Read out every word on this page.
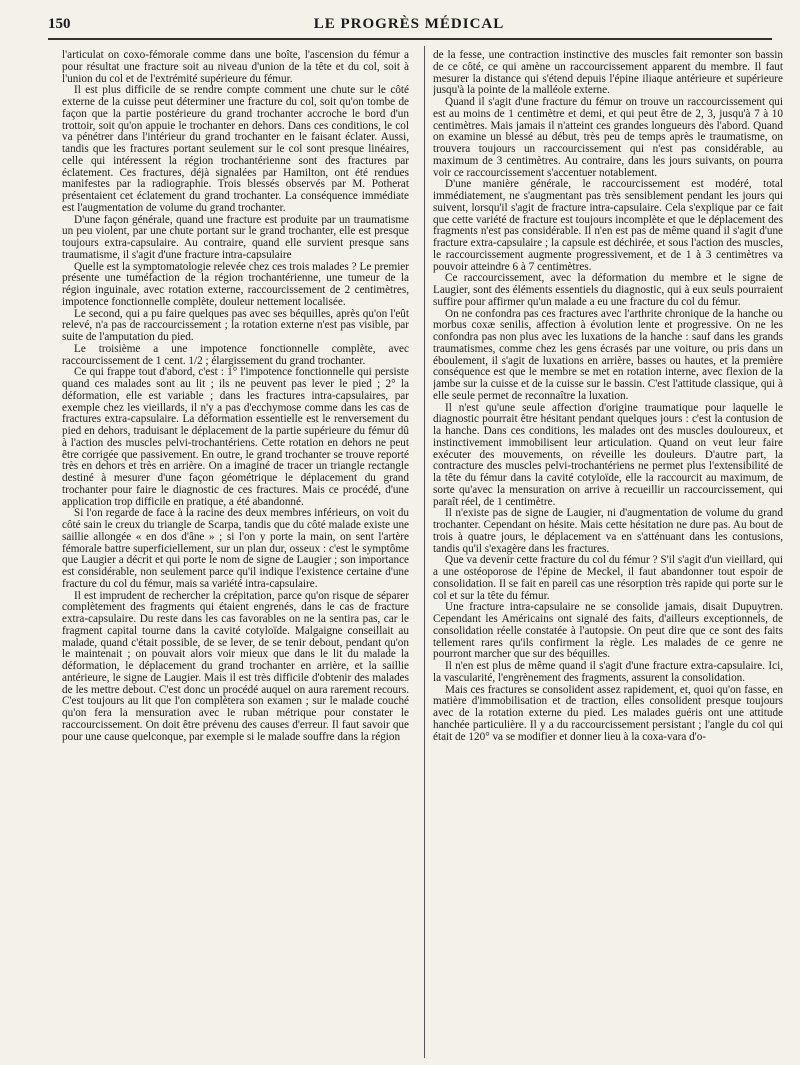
150	LE PROGRÈS MÉDICAL

l'articulat on coxo-fémorale comme dans une boîte, l'ascension du fémur a pour résultat une fracture soit au niveau d'union de la tête et du col, soit à l'union du col et de l'extrémité supérieure du fémur.

Il est plus difficile de se rendre compte comment une chute sur le côté externe de la cuisse peut déterminer une fracture du col, soit qu'on tombe de façon que la partie postérieure du grand trochanter accroche le bord d'un trottoir, soit qu'on appuie le trochanter en dehors. Dans ces conditions, le col va pénétrer dans l'intérieur du grand trochanter en le faisant éclater. Aussi, tandis que les fractures portant seulement sur le col sont presque linéaires, celle qui intéressent la région trochantérienne sont des fractures par éclatement. Ces fractures, déjà signalées par Hamilton, ont été rendues manifestes par la radiographie. Trois blessés observés par M. Potherat présentaient cet éclatement du grand trochanter. La conséquence immédiate est l'augmentation de volume du grand trochanter.

D'une façon générale, quand une fracture est produite par un traumatisme un peu violent, par une chute portant sur le grand trochanter, elle est presque toujours extra-capsulaire. Au contraire, quand elle survient presque sans traumatisme, il s'agit d'une fracture intra-capsulaire

Quelle est la symptomatologie relevée chez ces trois malades ? Le premier présente une tuméfaction de la région trochantérienne, une tumeur de la région inguinale, avec rotation externe, raccourcissement de 2 centimètres, impotence fonctionnelle complète, douleur nettement localisée.

Le second, qui a pu faire quelques pas avec ses béquilles, après qu'on l'eût relevé, n'a pas de raccourcissement ; la rotation externe n'est pas visible, par suite de l'amputation du pied.

Le troisième a une impotence fonctionnelle complète, avec raccourcissement de 1 cent. 1/2 ; élargissement du grand trochanter.

Ce qui frappe tout d'abord, c'est : 1° l'impotence fonctionnelle qui persiste quand ces malades sont au lit ; ils ne peuvent pas lever le pied ; 2° la déformation, elle est variable ; dans les fractures intra-capsulaires, par exemple chez les vieillards, il n'y a pas d'ecchymose comme dans les cas de fractures extra-capsulaire. La déformation essentielle est le renversement du pied en dehors, traduisant le déplacement de la partie supérieure du fémur dû à l'action des muscles pelvi-trochantériens. Cette rotation en dehors ne peut être corrigée que passivement. En outre, le grand trochanter se trouve reporté très en dehors et très en arrière. On a imaginé de tracer un triangle rectangle destiné à mesurer d'une façon géométrique le déplacement du grand trochanter pour faire le diagnostic de ces fractures. Mais ce procédé, d'une application trop difficile en pratique, a été abandonné.

Si l'on regarde de face à la racine des deux membres inférieurs, on voit du côté sain le creux du triangle de Scarpa, tandis que du côté malade existe une saillie allongée « en dos d'âne » ; si l'on y porte la main, on sent l'artère fémorale battre superficiellement, sur un plan dur, osseux : c'est le symptôme que Laugier a décrit et qui porte le nom de signe de Laugier ; son importance est considérable, non seulement parce qu'il indique l'existence certaine d'une fracture du col du fémur, mais sa variété intra-capsulaire.

Il est imprudent de rechercher la crépitation, parce qu'on risque de séparer complètement des fragments qui étaient engrenés, dans le cas de fracture extra-capsulaire. Du reste dans les cas favorables on ne la sentira pas, car le fragment capital tourne dans la cavité cotyloïde. Malgaigne conseillait au malade, quand c'était possible, de se lever, de se tenir debout, pendant qu'on le maintenait ; on pouvait alors voir mieux que dans le lit du malade la déformation, le déplacement du grand trochanter en arrière, et la saillie antérieure, le signe de Laugier. Mais il est très difficile d'obtenir des malades de les mettre debout. C'est donc un procédé auquel on aura rarement recours. C'est toujours au lit que l'on complètera son examen ; sur le malade couché qu'on fera la mensuration avec le ruban métrique pour constater le raccourcissement. On doit être prévenu des causes d'erreur. Il faut savoir que pour une cause quelconque, par exemple si le malade souffre dans la région

de la fesse, une contraction instinctive des muscles fait remonter son bassin de ce côté, ce qui amène un raccourcissement apparent du membre. Il faut mesurer la distance qui s'étend depuis l'épine iliaque antérieure et supérieure jusqu'à la pointe de la malléole externe.

Quand il s'agit d'une fracture du fémur on trouve un raccourcissement qui est au moins de 1 centimètre et demi, et qui peut être de 2, 3, jusqu'à 7 à 10 centimètres. Mais jamais il n'atteint ces grandes longueurs dès l'abord. Quand on examine un blessé au début, très peu de temps après le traumatisme, on trouvera toujours un raccourcissement qui n'est pas considérable, au maximum de 3 centimètres. Au contraire, dans les jours suivants, on pourra voir ce raccourcissement s'accentuer notablement.

D'une manière générale, le raccourcissement est modéré, total immédiatement, ne s'augmentant pas très sensiblement pendant les jours qui suivent, lorsqu'il s'agit de fracture intra-capsulaire. Cela s'explique par ce fait que cette variété de fracture est toujours incomplète et que le déplacement des fragments n'est pas considérable. Il n'en est pas de même quand il s'agit d'une fracture extra-capsulaire ; la capsule est déchirée, et sous l'action des muscles, le raccourcissement augmente progressivement, et de 1 à 3 centimètres va pouvoir atteindre 6 à 7 centimètres.

Ce raccourcissement, avec la déformation du membre et le signe de Laugier, sont des éléments essentiels du diagnostic, qui à eux seuls pourraient suffire pour affirmer qu'un malade a eu une fracture du col du fémur.

On ne confondra pas ces fractures avec l'arthrite chronique de la hanche ou morbus coxæ senilis, affection à évolution lente et progressive. On ne les confondra pas non plus avec les luxations de la hanche : sauf dans les grands traumatismes, comme chez les gens écrasés par une voiture, ou pris dans un éboulement, il s'agit de luxations en arrière, basses ou hautes, et la première conséquence est que le membre se met en rotation interne, avec flexion de la jambe sur la cuisse et de la cuisse sur le bassin. C'est l'attitude classique, qui à elle seule permet de reconnaître la luxation.

Il n'est qu'une seule affection d'origine traumatique pour laquelle le diagnostic pourrait être hésitant pendant quelques jours : c'est la contusion de la hanche. Dans ces conditions, les malades ont des muscles douloureux, et instinctivement immobilisent leur articulation. Quand on veut leur faire exécuter des mouvements, on réveille les douleurs. D'autre part, la contracture des muscles pelvi-trochantériens ne permet plus l'extensibilité de la tête du fémur dans la cavité cotyloïde, elle la raccourcit au maximum, de sorte qu'avec la mensuration on arrive à recueillir un raccourcissement, qui paraît réel, de 1 centimètre.

Il n'existe pas de signe de Laugier, ni d'augmentation de volume du grand trochanter. Cependant on hésite. Mais cette hésitation ne dure pas. Au bout de trois à quatre jours, le déplacement va en s'atténuant dans les contusions, tandis qu'il s'exagère dans les fractures.

Que va devenir cette fracture du col du fémur ? S'il s'agit d'un vieillard, qui a une ostéoporose de l'épine de Meckel, il faut abandonner tout espoir de consolidation. Il se fait en pareil cas une résorption très rapide qui porte sur le col et sur la tête du fémur.

Une fracture intra-capsulaire ne se consolide jamais, disait Dupuytren. Cependant les Américains ont signalé des faits, d'ailleurs exceptionnels, de consolidation réelle constatée à l'autopsie. On peut dire que ce sont des faits tellement rares qu'ils confirment la règle. Les malades de ce genre ne pourront marcher que sur des béquilles.

Il n'en est plus de même quand il s'agit d'une fracture extra-capsulaire. Ici, la vascularité, l'engrènement des fragments, assurent la consolidation.

Mais ces fractures se consolident assez rapidement, et, quoi qu'on fasse, en matière d'immobilisation et de traction, elles consolident presque toujours avec de la rotation externe du pied. Les malades guéris ont une attitude hanchée particulière. Il y a du raccourcissement persistant ; l'angle du col qui était de 120° va se modifier et donner lieu à la coxa-vara d'o-
